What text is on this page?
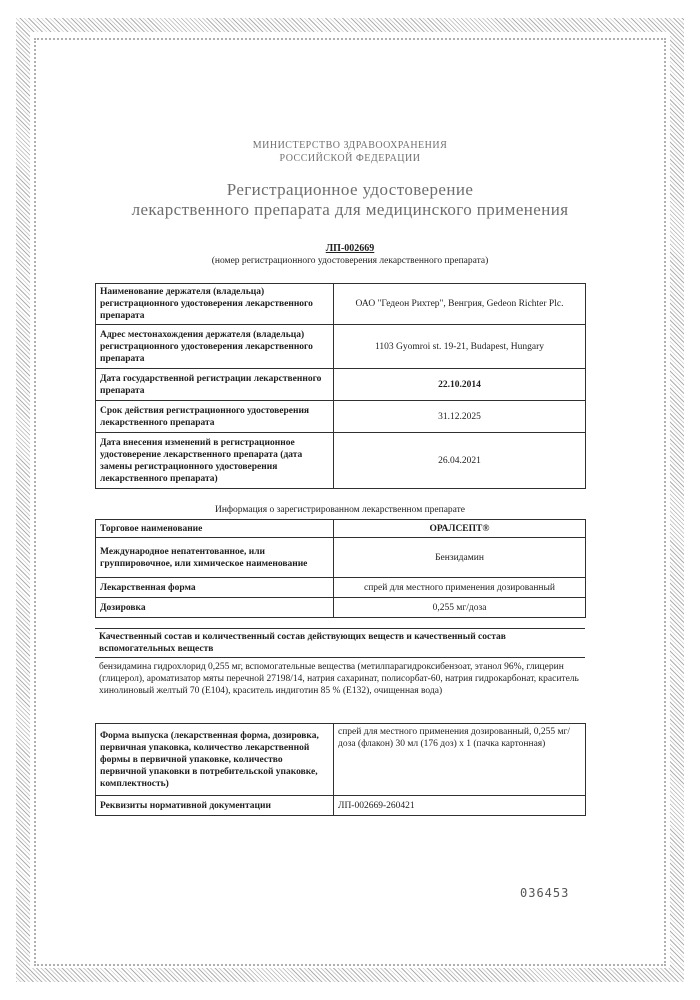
МИНИСТЕРСТВО ЗДРАВООХРАНЕНИЯ
РОССИЙСКОЙ ФЕДЕРАЦИИ
Регистрационное удостоверение
лекарственного препарата для медицинского применения
ЛП-002669
(номер регистрационного удостоверения лекарственного препарата)
Наименование держателя (владельца) регистрационного удостоверения лекарственного препарата	ОАО "Гедеон Рихтер", Венгрия, Gedeon Richter Plc.
Адрес местонахождения держателя (владельца) регистрационного удостоверения лекарственного препарата	1103 Gyomroi st. 19-21, Budapest, Hungary
Дата государственной регистрации лекарственного препарата	22.10.2014
Срок действия регистрационного удостоверения лекарственного препарата	31.12.2025
Дата внесения изменений в регистрационное удостоверение лекарственного препарата (дата замены регистрационного удостоверения лекарственного препарата)	26.04.2021
Информация о зарегистрированном лекарственном препарате
Торговое наименование	ОРАЛСЕПТ®
Международное непатентованное, или группировочное, или химическое наименование	Бензидамин
Лекарственная форма	спрей для местного применения дозированный
Дозировка	0,255 мг/доза
Качественный состав и количественный состав действующих веществ и качественный состав вспомогательных веществ
бензидамина гидрохлорид 0,255 мг, вспомогательные вещества (метилпарагидроксибензоат, этанол 96%, глицерин (глицерол), ароматизатор мяты перечной 27198/14, натрия сахаринат, полисорбат-60, натрия гидрокарбонат, краситель хинолиновый желтый 70 (Е104), краситель индиготин 85 % (Е132), очищенная вода)
Форма выпуска (лекарственная форма, дозировка, первичная упаковка, количество лекарственной формы в первичной упаковке, количество первичной упаковки в потребительской упаковке, комплектность)	спрей для местного применения дозированный, 0,255 мг/доза (флакон) 30 мл (176 доз) x 1 (пачка картонная)
Реквизиты нормативной документации	ЛП-002669-260421
036453
